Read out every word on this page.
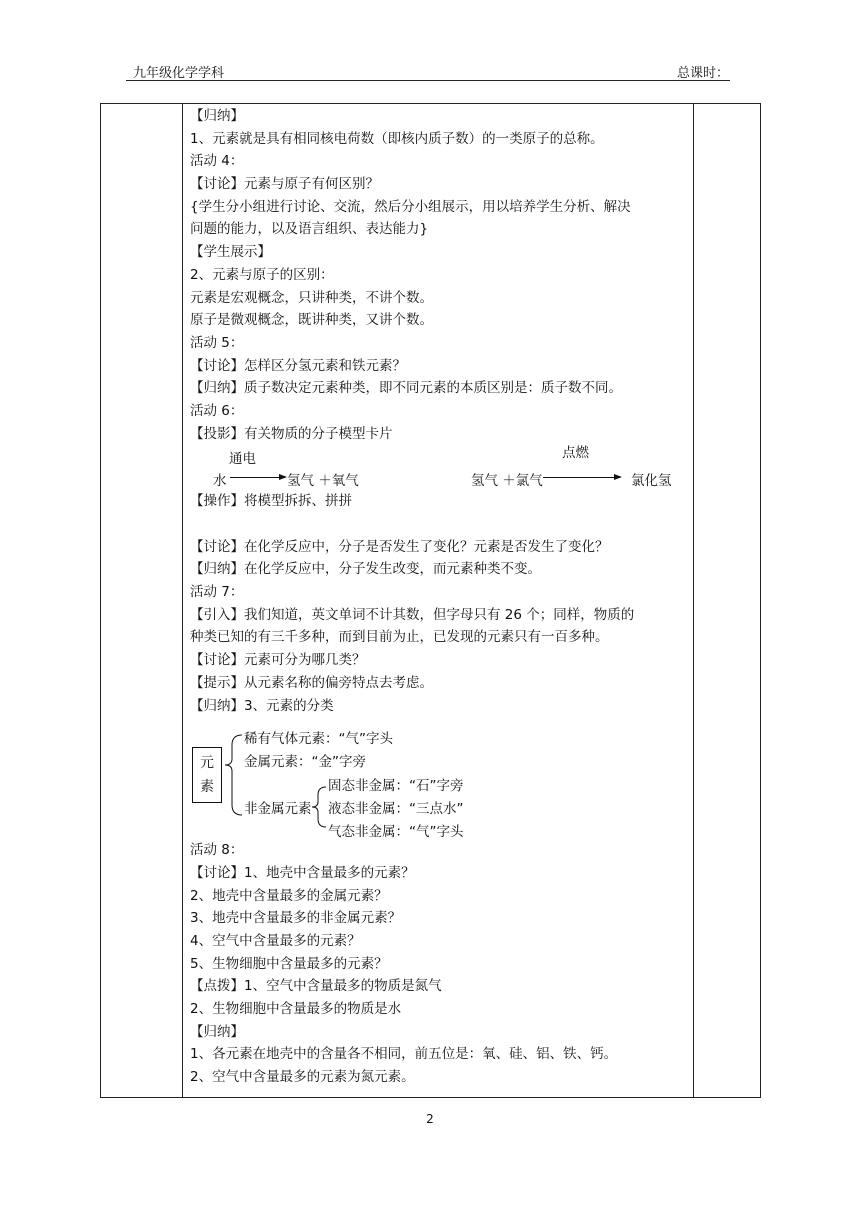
九年级化学学科	总课时：
【归纳】
1、元素就是具有相同核电荷数（即核内质子数）的一类原子的总称。
活动 4：
【讨论】元素与原子有何区别？
{学生分小组进行讨论、交流，然后分小组展示，用以培养学生分析、解决
问题的能力，以及语言组织、表达能力}
【学生展示】
2、元素与原子的区别：
元素是宏观概念，只讲种类，不讲个数。
原子是微观概念，既讲种类，又讲个数。
活动 5：
【讨论】怎样区分氢元素和铁元素？
【归纳】质子数决定元素种类，即不同元素的本质区别是：质子数不同。
活动 6：
【投影】有关物质的分子模型卡片
通电
水	氢气 ＋氧气
点燃
氢气 ＋氯气	氯化氢
【操作】将模型拆拆、拼拼
【讨论】在化学反应中，分子是否发生了变化？元素是否发生了变化？
【归纳】在化学反应中，分子发生改变，而元素种类不变。
活动 7：
【引入】我们知道，英文单词不计其数，但字母只有 26 个；同样，物质的
种类已知的有三千多种，而到目前为止，已发现的元素只有一百多种。
【讨论】元素可分为哪几类？
【提示】从元素名称的偏旁特点去考虑。
【归纳】3、元素的分类
元
素
稀有气体元素：“气”字头
金属元素：“金”字旁
非金属元素
固态非金属：“石”字旁
液态非金属：“三点水”
气态非金属：“气”字头
活动 8：
【讨论】1、地壳中含量最多的元素？
2、地壳中含量最多的金属元素？
3、地壳中含量最多的非金属元素？
4、空气中含量最多的元素？
5、生物细胞中含量最多的元素？
【点拨】1、空气中含量最多的物质是氮气
2、生物细胞中含量最多的物质是水
【归纳】
1、各元素在地壳中的含量各不相同，前五位是：氧、硅、铝、铁、钙。
2、空气中含量最多的元素为氮元素。
2
